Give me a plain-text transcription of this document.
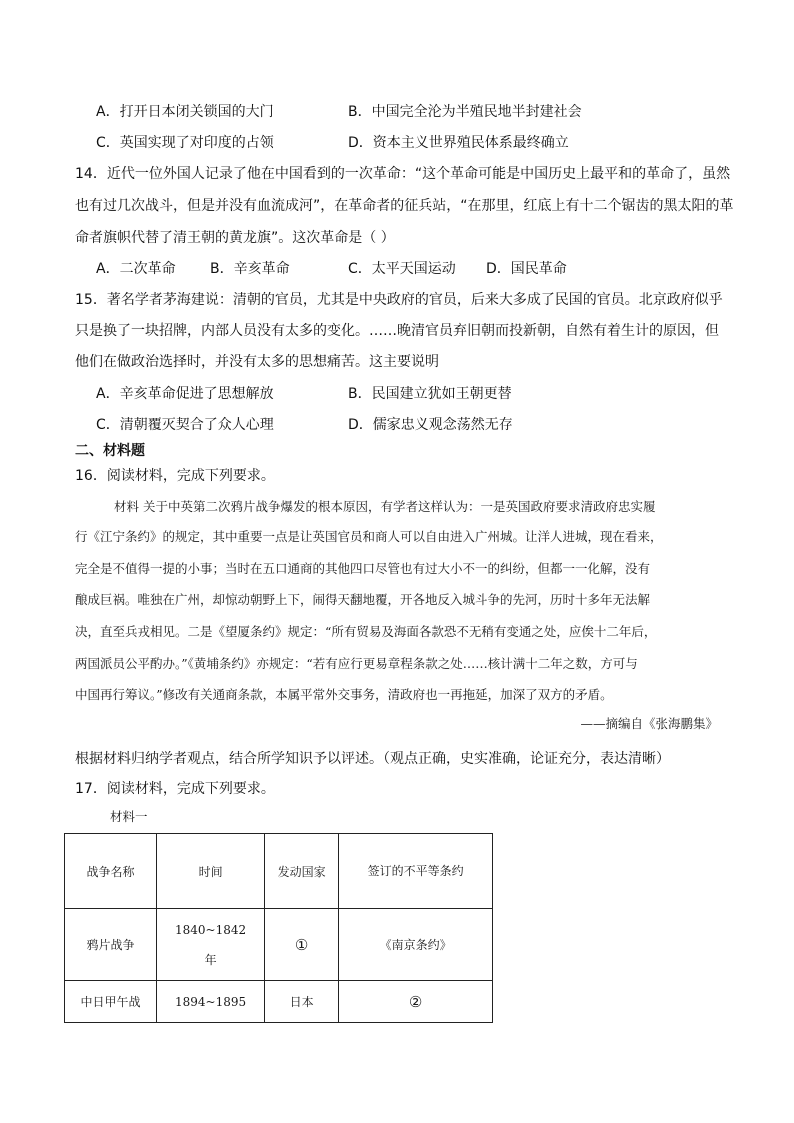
A．打开日本闭关锁国的大门	B．中国完全沦为半殖民地半封建社会
C．英国实现了对印度的占领	D．资本主义世界殖民体系最终确立
14．近代一位外国人记录了他在中国看到的一次革命：“这个革命可能是中国历史上最平和的革命了，虽然
也有过几次战斗，但是并没有血流成河”，在革命者的征兵站，“在那里，红底上有十二个锯齿的黑太阳的革
命者旗帜代替了清王朝的黄龙旗”。这次革命是（ ）
A．二次革命 B．辛亥革命	C．太平天国运动 D．国民革命
15．著名学者茅海建说：清朝的官员，尤其是中央政府的官员，后来大多成了民国的官员。北京政府似乎
只是换了一块招牌，内部人员没有太多的变化。……晚清官员弃旧朝而投新朝，自然有着生计的原因，但
他们在做政治选择时，并没有太多的思想痛苦。这主要说明
A．辛亥革命促进了思想解放	B．民国建立犹如王朝更替
C．清朝覆灭契合了众人心理	D．儒家忠义观念荡然无存
二、材料题
16．阅读材料，完成下列要求。
材料 关于中英第二次鸦片战争爆发的根本原因，有学者这样认为：一是英国政府要求清政府忠实履
行《江宁条约》的规定，其中重要一点是让英国官员和商人可以自由进入广州城。让洋人进城，现在看来，
完全是不值得一提的小事；当时在五口通商的其他四口尽管也有过大小不一的纠纷，但都一一化解，没有
酿成巨祸。唯独在广州，却惊动朝野上下，闹得天翻地覆，开各地反入城斗争的先河，历时十多年无法解
决，直至兵戎相见。二是《望厦条约》规定：“所有贸易及海面各款恐不无稍有变通之处，应俟十二年后，
两国派员公平酌办。”《黄埔条约》亦规定：“若有应行更易章程条款之处……核计满十二年之数，方可与
中国再行筹议。”修改有关通商条款，本属平常外交事务，清政府也一再拖延，加深了双方的矛盾。
——摘编自《张海鹏集》
根据材料归纳学者观点，结合所学知识予以评述。（观点正确，史实准确，论证充分，表达清晰）
17．阅读材料，完成下列要求。
材料一
战争名称	时间	发动国家	签订的不平等条约
鸦片战争	1840~1842年	①	《南京条约》
中日甲午战	1894~1895	日本	②
